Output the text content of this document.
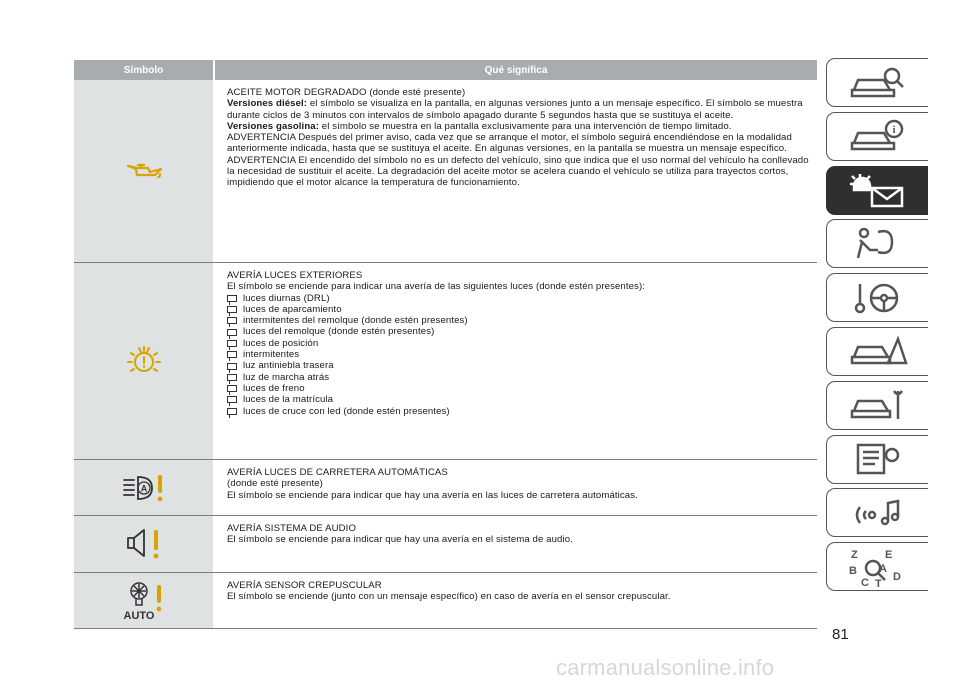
Símbolo	Qué significa

ACEITE MOTOR DEGRADADO (donde esté presente)

Versiones diésel: el símbolo se visualiza en la pantalla, en algunas versiones junto a un mensaje específico. El símbolo se muestra durante ciclos de 3 minutos con intervalos de símbolo apagado durante 5 segundos hasta que se sustituya el aceite.

Versiones gasolina: el símbolo se muestra en la pantalla exclusivamente para una intervención de tiempo limitado.

ADVERTENCIA Después del primer aviso, cada vez que se arranque el motor, el símbolo seguirá encendiéndose en la modalidad anteriormente indicada, hasta que se sustituya el aceite. En algunas versiones, en la pantalla se muestra un mensaje específico.

ADVERTENCIA El encendido del símbolo no es un defecto del vehículo, sino que indica que el uso normal del vehículo ha conllevado la necesidad de sustituir el aceite. La degradación del aceite motor se acelera cuando el vehículo se utiliza para trayectos cortos, impidiendo que el motor alcance la temperatura de funcionamiento.

AVERÍA LUCES EXTERIORES

El símbolo se enciende para indicar una avería de las siguientes luces (donde estén presentes):

luces diurnas (DRL)
luces de aparcamiento
intermitentes del remolque (donde estén presentes)
luces del remolque (donde estén presentes)
luces de posición
intermitentes
luz antiniebla trasera
luz de marcha atrás
luces de freno
luces de la matrícula
luces de cruce con led (donde estén presentes)
A

AVERÍA LUCES DE CARRETERA AUTOMÁTICAS

(donde esté presente)

El símbolo se enciende para indicar que hay una avería en las luces de carretera automáticas.

AVERÍA SISTEMA DE AUDIO

El símbolo se enciende para indicar que hay una avería en el sistema de audio.

AUTO

AVERÍA SENSOR CREPUSCULAR

El símbolo se enciende (junto con un mensaje específico) en caso de avería en el sensor crepuscular.

i
Z E
B A
C D
T
81
carmanualsonline.info
